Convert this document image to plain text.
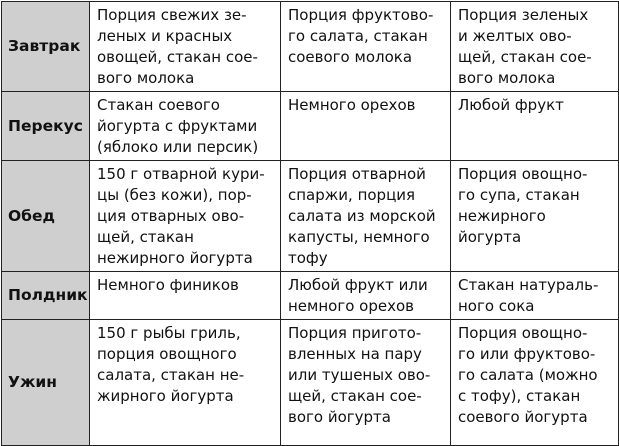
Завтрак	Порция свежих зе-
леных и красных
овощей, стакан сое-
вого молока	Порция фруктово-
го салата, стакан
соевого молока	Порция зеленых
и желтых ово-
щей, стакан сое-
вого молока
Перекус	Стакан соевого
йогурта с фруктами
(яблоко или персик)	Немного орехов	Любой фрукт
Обед	150 г отварной кури-
цы (без кожи), пор-
ция отварных ово-
щей, стакан
нежирного йогурта	Порция отварной
спаржи, порция
салата из морской
капусты, немного
тофу	Порция овощно-
го супа, стакан
нежирного
йогурта
Полдник	Немного фиников	Любой фрукт или
немного орехов	Стакан натураль-
ного сока
Ужин	150 г рыбы гриль,
порция овощного
салата, стакан не-
жирного йогурта	Порция пригото-
вленных на пару
или тушеных ово-
щей, стакан сое-
вого йогурта	Порция овощно-
го или фруктово-
го салата (можно
с тофу), стакан
соевого йогурта
